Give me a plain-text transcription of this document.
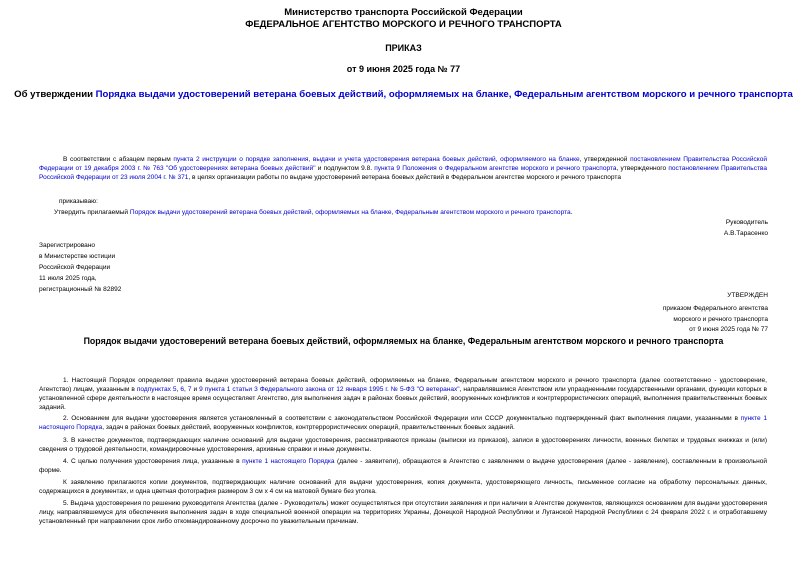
Министерство транспорта Российской Федерации
ФЕДЕРАЛЬНОЕ АГЕНТСТВО МОРСКОГО И РЕЧНОГО ТРАНСПОРТА
ПРИКАЗ
от 9 июня 2025 года № 77
Об утверждении Порядка выдачи удостоверений ветерана боевых действий, оформляемых на бланке, Федеральным агентством морского и речного транспорта
В соответствии с абзацем первым пункта 2 инструкции о порядке заполнения, выдачи и учета удостоверения ветерана боевых действий, оформляемого на бланке, утвержденной постановлением Правительства Российской Федерации от 19 декабря 2003 г. № 763 "Об удостоверениях ветерана боевых действий" и подпунктом 9.8. пункта 9 Положения о Федеральном агентстве морского и речного транспорта, утвержденного постановлением Правительства Российской Федерации от 23 июля 2004 г. № 371, в целях организации работы по выдаче удостоверений ветерана боевых действий в Федеральном агентстве морского и речного транспорта
приказываю:
Утвердить прилагаемый Порядок выдачи удостоверений ветерана боевых действий, оформляемых на бланке, Федеральным агентством морского и речного транспорта.
Руководитель
А.В.Тарасенко
Зарегистрировано
в Министерстве юстиции
Российской Федерации
11 июля 2025 года,
регистрационный № 82892
УТВЕРЖДЕН
приказом Федерального агентства
морского и речного транспорта
от 9 июня 2025 года № 77
Порядок выдачи удостоверений ветерана боевых действий, оформляемых на бланке, Федеральным агентством морского и речного транспорта
1. Настоящий Порядок определяет правила выдачи удостоверений ветерана боевых действий, оформляемых на бланке, Федеральным агентством морского и речного транспорта (далее соответственно - удостоверение, Агентство) лицам, указанным в подпунктах 5, 6, 7 и 9 пункта 1 статьи 3 Федерального закона от 12 января 1995 г. № 5-ФЗ "О ветеранах", направлявшимся Агентством или упраздненными государственными органами, функции которых в установленной сфере деятельности в настоящее время осуществляет Агентство, для выполнения задач в районах боевых действий, вооруженных конфликтов и контртеррористических операций, выполнения правительственных боевых заданий.
2. Основанием для выдачи удостоверения является установленный в соответствии с законодательством Российской Федерации или СССР документально подтвержденный факт выполнения лицами, указанными в пункте 1 настоящего Порядка, задач в районах боевых действий, вооруженных конфликтов, контртеррористических операций, правительственных боевых заданий.
3. В качестве документов, подтверждающих наличие оснований для выдачи удостоверения, рассматриваются приказы (выписки из приказов), записи в удостоверениях личности, военных билетах и трудовых книжках и (или) сведения о трудовой деятельности, командировочные удостоверения, архивные справки и иные документы.
4. С целью получения удостоверения лица, указанные в пункте 1 настоящего Порядка (далее - заявители), обращаются в Агентство с заявлением о выдаче удостоверения (далее - заявление), составленным в произвольной форме.
К заявлению прилагаются копии документов, подтверждающих наличие оснований для выдачи удостоверения, копия документа, удостоверяющего личность, письменное согласие на обработку персональных данных, содержащихся в документах, и одна цветная фотография размером 3 см х 4 см на матовой бумаге без уголка.
5. Выдача удостоверения по решению руководителя Агентства (далее - Руководитель) может осуществляться при отсутствии заявления и при наличии в Агентстве документов, являющихся основанием для выдачи удостоверения лицу, направлявшемуся для обеспечения выполнения задач в ходе специальной военной операции на территориях Украины, Донецкой Народной Республики и Луганской Народной Республики с 24 февраля 2022 г. и отработавшему установленный при направлении срок либо откомандированному досрочно по уважительным причинам.
